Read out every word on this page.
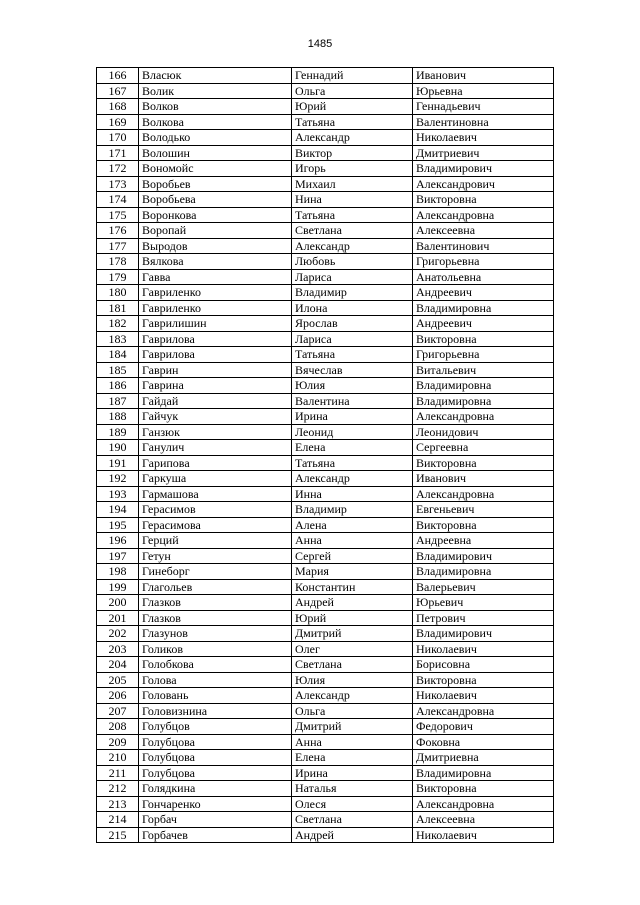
1485
166	Власюк	Геннадий	Иванович
167	Волик	Ольга	Юрьевна
168	Волков	Юрий	Геннадьевич
169	Волкова	Татьяна	Валентиновна
170	Володько	Александр	Николаевич
171	Волошин	Виктор	Дмитриевич
172	Вономойс	Игорь	Владимирович
173	Воробьев	Михаил	Александрович
174	Воробьева	Нина	Викторовна
175	Воронкова	Татьяна	Александровна
176	Воропай	Светлана	Алексеевна
177	Выродов	Александр	Валентинович
178	Вялкова	Любовь	Григорьевна
179	Гавва	Лариса	Анатольевна
180	Гавриленко	Владимир	Андреевич
181	Гавриленко	Илона	Владимировна
182	Гаврилишин	Ярослав	Андреевич
183	Гаврилова	Лариса	Викторовна
184	Гаврилова	Татьяна	Григорьевна
185	Гаврин	Вячеслав	Витальевич
186	Гаврина	Юлия	Владимировна
187	Гайдай	Валентина	Владимировна
188	Гайчук	Ирина	Александровна
189	Ганзюк	Леонид	Леонидович
190	Ганулич	Елена	Сергеевна
191	Гарипова	Татьяна	Викторовна
192	Гаркуша	Александр	Иванович
193	Гармашова	Инна	Александровна
194	Герасимов	Владимир	Евгеньевич
195	Герасимова	Алена	Викторовна
196	Герций	Анна	Андреевна
197	Гетун	Сергей	Владимирович
198	Гинеборг	Мария	Владимировна
199	Глагольев	Константин	Валерьевич
200	Глазков	Андрей	Юрьевич
201	Глазков	Юрий	Петрович
202	Глазунов	Дмитрий	Владимирович
203	Голиков	Олег	Николаевич
204	Голобкова	Светлана	Борисовна
205	Голова	Юлия	Викторовна
206	Головань	Александр	Николаевич
207	Головизнина	Ольга	Александровна
208	Голубцов	Дмитрий	Федорович
209	Голубцова	Анна	Фоковна
210	Голубцова	Елена	Дмитриевна
211	Голубцова	Ирина	Владимировна
212	Голядкина	Наталья	Викторовна
213	Гончаренко	Олеся	Александровна
214	Горбач	Светлана	Алексеевна
215	Горбачев	Андрей	Николаевич
